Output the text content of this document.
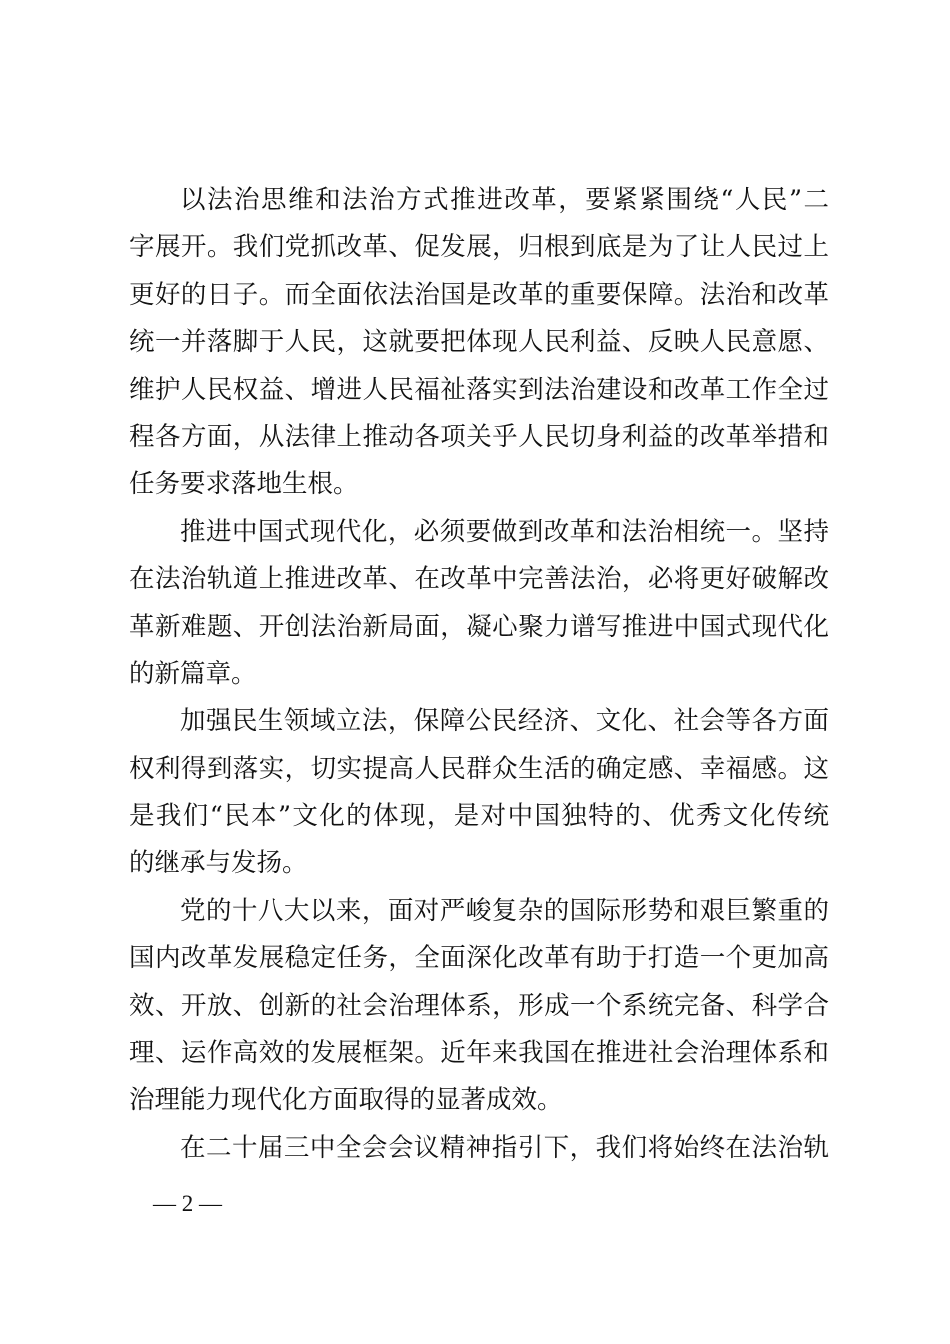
以法治思维和法治方式推进改革，要紧紧围绕“人民”二
字展开。我们党抓改革、促发展，归根到底是为了让人民过上
更好的日子。而全面依法治国是改革的重要保障。法治和改革
统一并落脚于人民，这就要把体现人民利益、反映人民意愿、
维护人民权益、增进人民福祉落实到法治建设和改革工作全过
程各方面，从法律上推动各项关乎人民切身利益的改革举措和
任务要求落地生根。
推进中国式现代化，必须要做到改革和法治相统一。坚持
在法治轨道上推进改革、在改革中完善法治，必将更好破解改
革新难题、开创法治新局面，凝心聚力谱写推进中国式现代化
的新篇章。
加强民生领域立法，保障公民经济、文化、社会等各方面
权利得到落实，切实提高人民群众生活的确定感、幸福感。这
是我们“民本”文化的体现，是对中国独特的、优秀文化传统
的继承与发扬。
党的十八大以来，面对严峻复杂的国际形势和艰巨繁重的
国内改革发展稳定任务，全面深化改革有助于打造一个更加高
效、开放、创新的社会治理体系，形成一个系统完备、科学合
理、运作高效的发展框架。近年来我国在推进社会治理体系和
治理能力现代化方面取得的显著成效。
在二十届三中全会会议精神指引下，我们将始终在法治轨
— 2 —
